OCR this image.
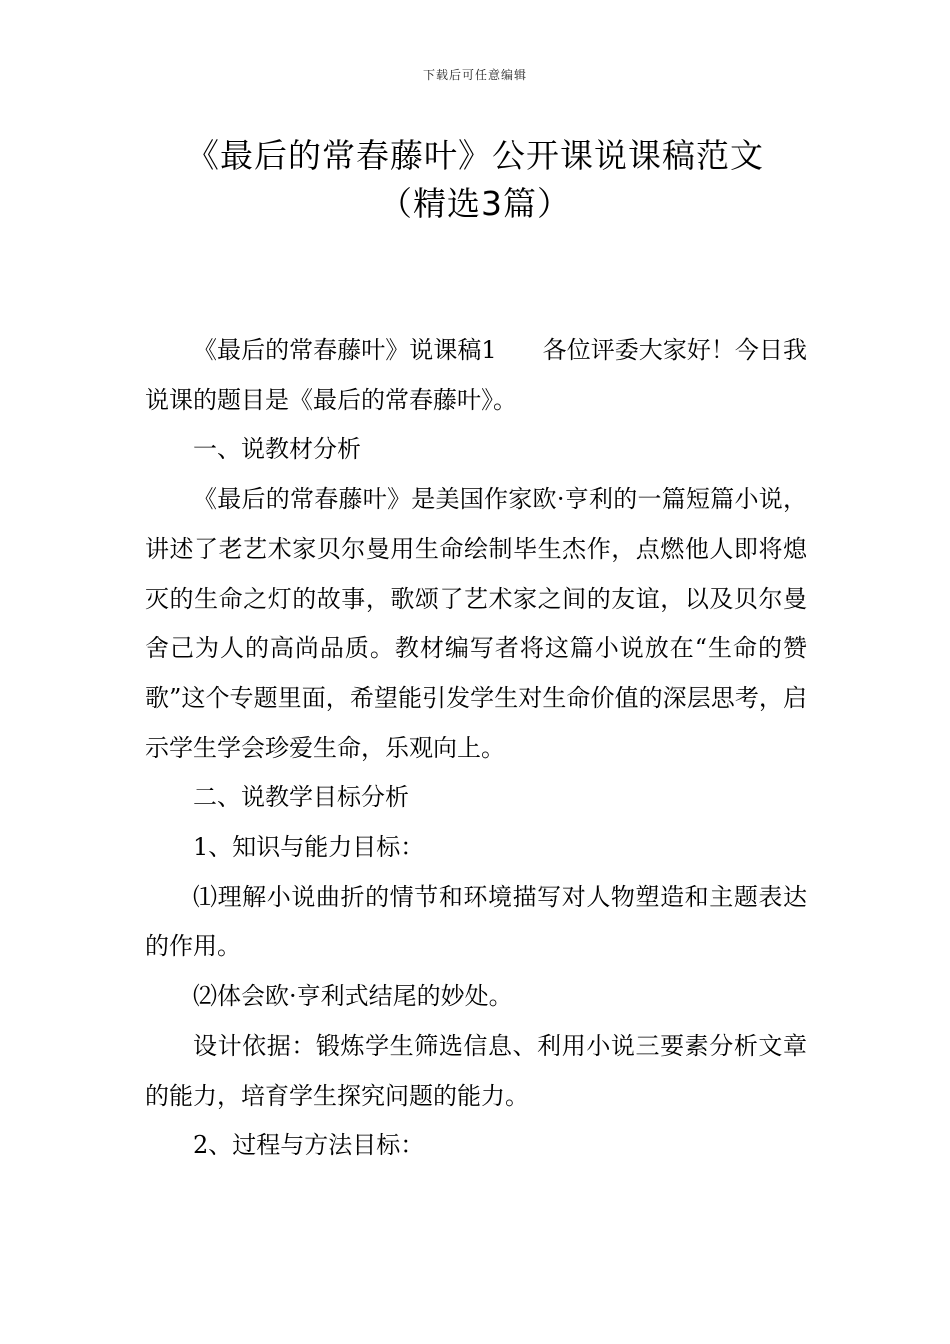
下载后可任意编辑
《最后的常春藤叶》公开课说课稿范文
（精选3篇）

《最后的常春藤叶》说课稿1      各位评委大家好！今日我说课的题目是《最后的常春藤叶》。

一、说教材分析

《最后的常春藤叶》是美国作家欧·亨利的一篇短篇小说，讲述了老艺术家贝尔曼用生命绘制毕生杰作，点燃他人即将熄灭的生命之灯的故事，歌颂了艺术家之间的友谊，以及贝尔曼舍己为人的高尚品质。教材编写者将这篇小说放在“生命的赞歌”这个专题里面，希望能引发学生对生命价值的深层思考，启示学生学会珍爱生命，乐观向上。

二、说教学目标分析

1、知识与能力目标：

⑴理解小说曲折的情节和环境描写对人物塑造和主题表达的作用。

⑵体会欧·亨利式结尾的妙处。

设计依据：锻炼学生筛选信息、利用小说三要素分析文章的能力，培育学生探究问题的能力。

2、过程与方法目标：
